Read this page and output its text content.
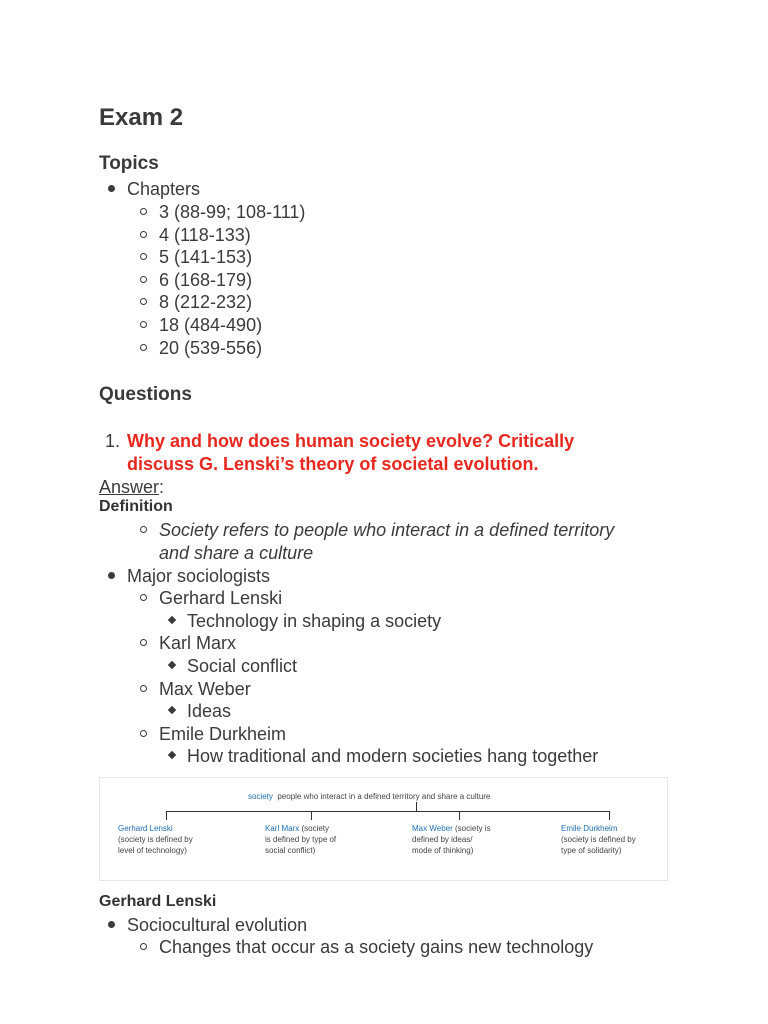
Exam 2
Topics
Chapters
3 (88-99; 108-111)
4 (118-133)
5 (141-153)
6 (168-179)
8 (212-232)
18 (484-490)
20 (539-556)
Questions
1. Why and how does human society evolve? Critically
discuss G. Lenski’s theory of societal evolution.
Answer:
Definition
Society refers to people who interact in a defined territory
and share a culture
Major sociologists
Gerhard Lenski
Technology in shaping a society
Karl Marx
Social conflict
Max Weber
Ideas
Emile Durkheim
How traditional and modern societies hang together
society people who interact in a defined territory and share a culture
Gerhard Lenski
(society is defined by
level of technology)
Karl Marx (society
is defined by type of
social conflict)
Max Weber (society is
defined by ideas/
mode of thinking)
Emile Durkheim
(society is defined by
type of solidarity)
Gerhard Lenski
Sociocultural evolution
Changes that occur as a society gains new technology
